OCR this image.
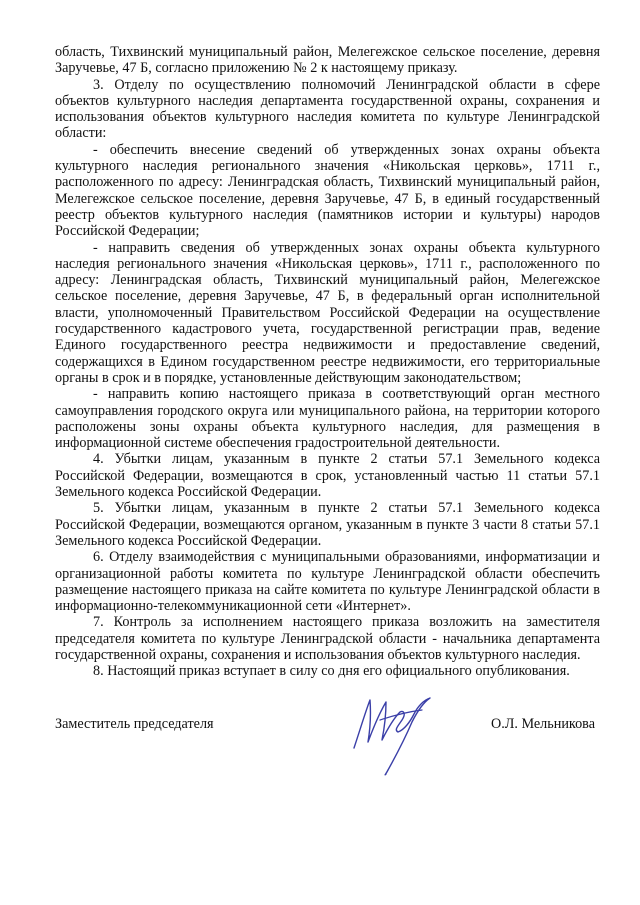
область, Тихвинский муниципальный район, Мелегежское сельское поселение, деревня Заручевье, 47 Б, согласно приложению № 2 к настоящему приказу.

3. Отделу по осуществлению полномочий Ленинградской области в сфере объектов культурного наследия департамента государственной охраны, сохранения и использования объектов культурного наследия комитета по культуре Ленинградской области:

- обеспечить внесение сведений об утвержденных зонах охраны объекта культурного наследия регионального значения «Никольская церковь», 1711 г., расположенного по адресу: Ленинградская область, Тихвинский муниципальный район, Мелегежское сельское поселение, деревня Заручевье, 47 Б, в единый государственный реестр объектов культурного наследия (памятников истории и культуры) народов Российской Федерации;

- направить сведения об утвержденных зонах охраны объекта культурного наследия регионального значения «Никольская церковь», 1711 г., расположенного по адресу: Ленинградская область, Тихвинский муниципальный район, Мелегежское сельское поселение, деревня Заручевье, 47 Б, в федеральный орган исполнительной власти, уполномоченный Правительством Российской Федерации на осуществление государственного кадастрового учета, государственной регистрации прав, ведение Единого государственного реестра недвижимости и предоставление сведений, содержащихся в Едином государственном реестре недвижимости, его территориальные органы в срок и в порядке, установленные действующим законодательством;

- направить копию настоящего приказа в соответствующий орган местного самоуправления городского округа или муниципального района, на территории которого расположены зоны охраны объекта культурного наследия, для размещения в информационной системе обеспечения градостроительной деятельности.

4. Убытки лицам, указанным в пункте 2 статьи 57.1 Земельного кодекса Российской Федерации, возмещаются в срок, установленный частью 11 статьи 57.1 Земельного кодекса Российской Федерации.

5. Убытки лицам, указанным в пункте 2 статьи 57.1 Земельного кодекса Российской Федерации, возмещаются органом, указанным в пункте 3 части 8 статьи 57.1 Земельного кодекса Российской Федерации.

6. Отделу взаимодействия с муниципальными образованиями, информатизации и организационной работы комитета по культуре Ленинградской области обеспечить размещение настоящего приказа на сайте комитета по культуре Ленинградской области в информационно-телекоммуникационной сети «Интернет».

7. Контроль за исполнением настоящего приказа возложить на заместителя председателя комитета по культуре Ленинградской области - начальника департамента государственной охраны, сохранения и использования объектов культурного наследия.

8. Настоящий приказ вступает в силу со дня его официального опубликования.

Заместитель председателя	О.Л. Мельникова
